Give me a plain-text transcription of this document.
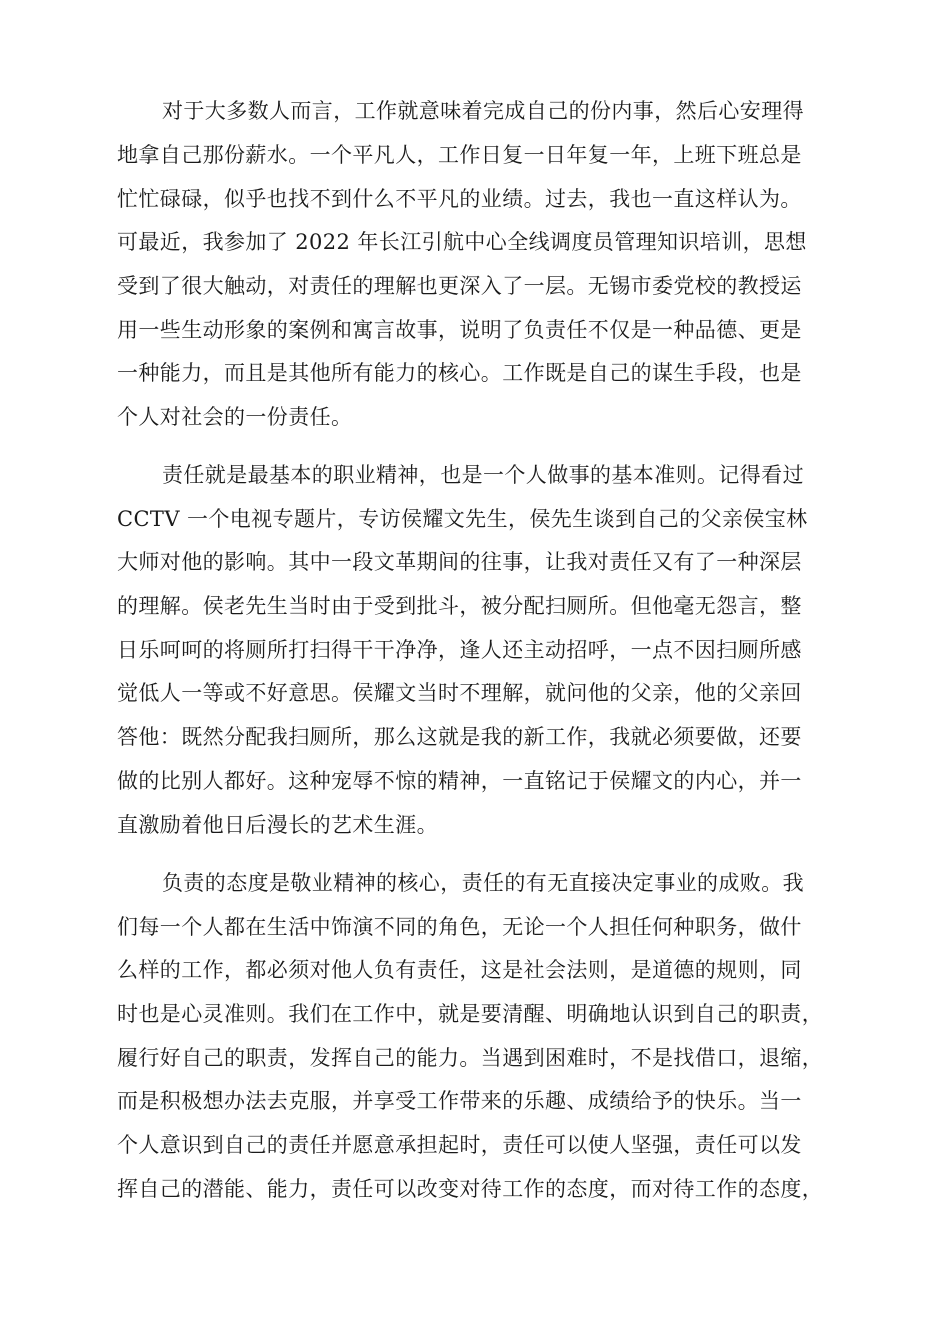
对于大多数人而言，工作就意味着完成自己的份内事，然后心安理得
地拿自己那份薪水。一个平凡人，工作日复一日年复一年，上班下班总是
忙忙碌碌，似乎也找不到什么不平凡的业绩。过去，我也一直这样认为。
可最近，我参加了 2022 年长江引航中心全线调度员管理知识培训，思想
受到了很大触动，对责任的理解也更深入了一层。无锡市委党校的教授运
用一些生动形象的案例和寓言故事，说明了负责任不仅是一种品德、更是
一种能力，而且是其他所有能力的核心。工作既是自己的谋生手段，也是
个人对社会的一份责任。
责任就是最基本的职业精神，也是一个人做事的基本准则。记得看过
CCTV 一个电视专题片，专访侯耀文先生，侯先生谈到自己的父亲侯宝林
大师对他的影响。其中一段文革期间的往事，让我对责任又有了一种深层
的理解。侯老先生当时由于受到批斗，被分配扫厕所。但他毫无怨言，整
日乐呵呵的将厕所打扫得干干净净，逢人还主动招呼，一点不因扫厕所感
觉低人一等或不好意思。侯耀文当时不理解，就问他的父亲，他的父亲回
答他：既然分配我扫厕所，那么这就是我的新工作，我就必须要做，还要
做的比别人都好。这种宠辱不惊的精神，一直铭记于侯耀文的内心，并一
直激励着他日后漫长的艺术生涯。
负责的态度是敬业精神的核心，责任的有无直接决定事业的成败。我
们每一个人都在生活中饰演不同的角色，无论一个人担任何种职务，做什
么样的工作，都必须对他人负有责任，这是社会法则，是道德的规则，同
时也是心灵准则。我们在工作中，就是要清醒、明确地认识到自己的职责，
履行好自己的职责，发挥自己的能力。当遇到困难时，不是找借口，退缩，
而是积极想办法去克服，并享受工作带来的乐趣、成绩给予的快乐。当一
个人意识到自己的责任并愿意承担起时，责任可以使人坚强，责任可以发
挥自己的潜能、能力，责任可以改变对待工作的态度，而对待工作的态度，
